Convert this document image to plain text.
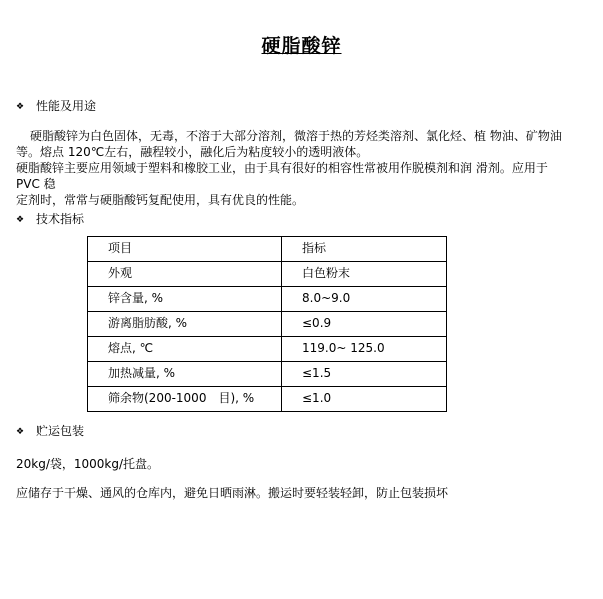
硬脂酸锌
❖ 性能及用途
硬脂酸锌为白色固体，无毒，不溶于大部分溶剂，微溶于热的芳烃类溶剂、氯化烃、植 物油、矿物油
等。熔点 120℃左右，融程较小，融化后为粘度较小的透明液体。
硬脂酸锌主要应用领域于塑料和橡胶工业，由于具有很好的相容性常被用作脱模剂和润 滑剂。应用于
PVC 稳
定剂时，常常与硬脂酸钙复配使用，具有优良的性能。
❖ 技术指标
项目	指标
外观	白色粉末
锌含量, %	8.0~9.0
游离脂肪酸, %	≤0.9
熔点, ℃	119.0~ 125.0
加热减量, %	≤1.5
筛余物(200-1000　目), %	≤1.0
❖ 贮运包装
20kg/袋，1000kg/托盘。
应储存于干燥、通风的仓库内，避免日晒雨淋。搬运时要轻装轻卸，防止包装损坏
